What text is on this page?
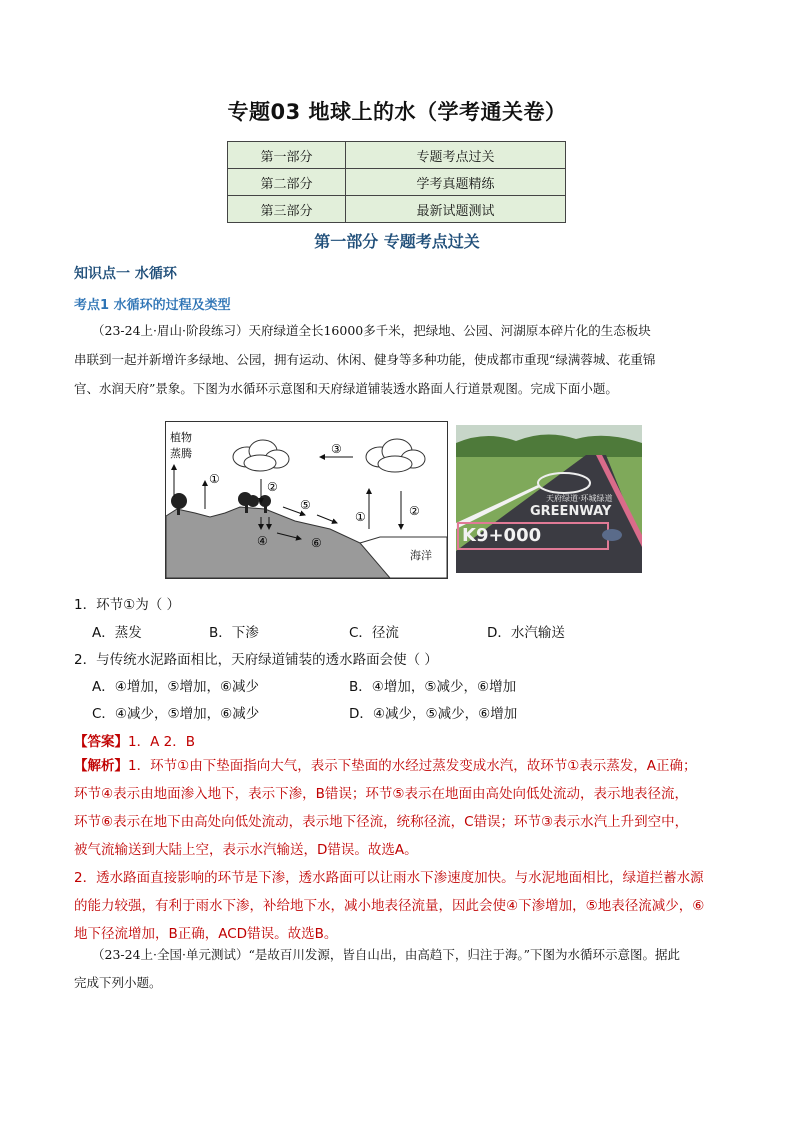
专题03 地球上的水（学考通关卷）
第一部分	专题考点过关
第二部分	学考真题精练
第三部分	最新试题测试
第一部分 专题考点过关
知识点一 水循环
考点1 水循环的过程及类型
（23-24上·眉山·阶段练习）天府绿道全长16000多千米，把绿地、公园、河湖原本碎片化的生态板块
串联到一起并新增许多绿地、公园，拥有运动、休闲、健身等多种功能，使成都市重现“绿满蓉城、花重锦
官、水润天府”景象。下图为水循环示意图和天府绿道铺装透水路面人行道景观图。完成下面小题。
海洋
植物
蒸腾
①
②
③
④
⑤
⑥
①	②
天府绿道·环城绿道
GREENWAY
K9+000
1．环节①为（ ）
A．蒸发	B．下渗	C．径流	D．水汽输送
2．与传统水泥路面相比，天府绿道铺装的透水路面会使（ ）
A．④增加，⑤增加，⑥减少	B．④增加，⑤减少，⑥增加
C．④减少，⑤增加，⑥减少	D．④减少，⑤减少，⑥增加
【答案】1．A 2．B
【解析】1．环节①由下垫面指向大气，表示下垫面的水经过蒸发变成水汽，故环节①表示蒸发，A正确；
环节④表示由地面渗入地下，表示下渗，B错误；环节⑤表示在地面由高处向低处流动，表示地表径流，
环节⑥表示在地下由高处向低处流动，表示地下径流，统称径流，C错误；环节③表示水汽上升到空中，
被气流输送到大陆上空，表示水汽输送，D错误。故选A。
2．透水路面直接影响的环节是下渗，透水路面可以让雨水下渗速度加快。与水泥地面相比，绿道拦蓄水源
的能力较强，有利于雨水下渗，补给地下水，减小地表径流量，因此会使④下渗增加，⑤地表径流减少，⑥
地下径流增加，B正确，ACD错误。故选B。
（23-24上·全国·单元测试）“是故百川发源，皆自山出，由高趋下，归注于海。”下图为水循环示意图。据此
完成下列小题。
